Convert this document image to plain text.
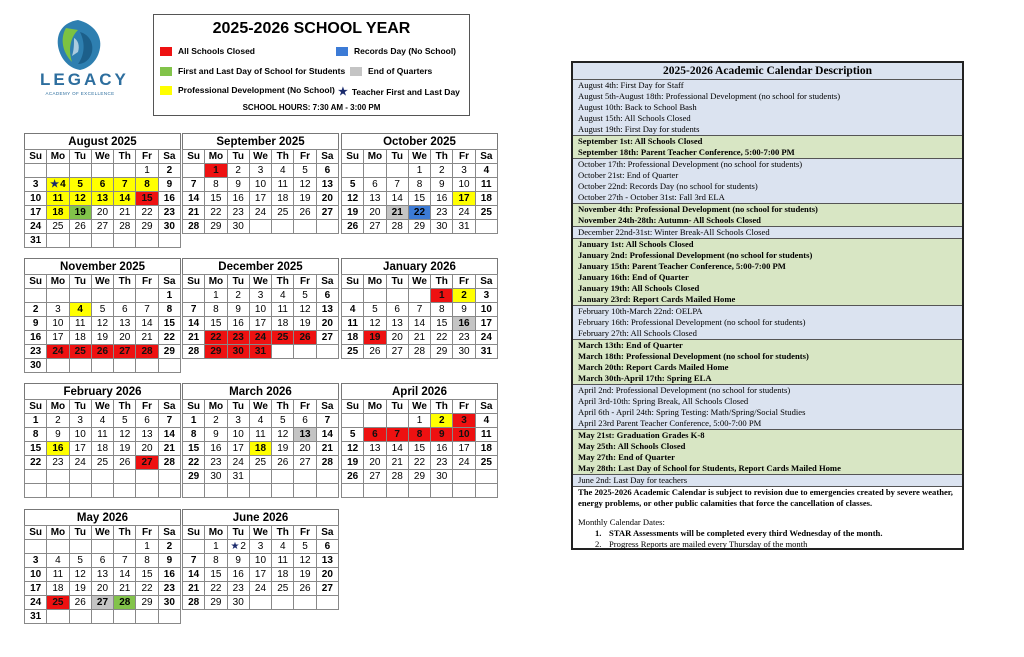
LEGACY
ACADEMY OF EXCELLENCE
2025-2026 SCHOOL YEAR
All Schools Closed	Records Day (No School)
First and Last Day of School for Students	End of Quarters
Professional Development (No School) ★ Teacher First and Last Day
SCHOOL HOURS: 7:30 AM - 3:00 PM
August 2025
Su	Mo	Tu	We	Th	Fr	Sa
					1	2
3	★4	5	6	7	8	9
10	11	12	13	14	15	16
17	18	19	20	21	22	23
24	25	26	27	28	29	30
31						
September 2025
Su	Mo	Tu	We	Th	Fr	Sa
	1	2	3	4	5	6
7	8	9	10	11	12	13
14	15	16	17	18	19	20
21	22	23	24	25	26	27
28	29	30				
October 2025
Su	Mo	Tu	We	Th	Fr	Sa
			1	2	3	4
5	6	7	8	9	10	11
12	13	14	15	16	17	18
19	20	21	22	23	24	25
26	27	28	29	30	31	
November 2025
Su	Mo	Tu	We	Th	Fr	Sa
						1
2	3	4	5	6	7	8
9	10	11	12	13	14	15
16	17	18	19	20	21	22
23	24	25	26	27	28	29
30						
December 2025
Su	Mo	Tu	We	Th	Fr	Sa
	1	2	3	4	5	6
7	8	9	10	11	12	13
14	15	16	17	18	19	20
21	22	23	24	25	26	27
28	29	30	31			
January 2026
Su	Mo	Tu	We	Th	Fr	Sa
				1	2	3
4	5	6	7	8	9	10
11	12	13	14	15	16	17
18	19	20	21	22	23	24
25	26	27	28	29	30	31
February 2026
Su	Mo	Tu	We	Th	Fr	Sa
1	2	3	4	5	6	7
8	9	10	11	12	13	14
15	16	17	18	19	20	21
22	23	24	25	26	27	28

March 2026
Su	Mo	Tu	We	Th	Fr	Sa
1	2	3	4	5	6	7
8	9	10	11	12	13	14
15	16	17	18	19	20	21
22	23	24	25	26	27	28
29	30	31				

April 2026
Su	Mo	Tu	We	Th	Fr	Sa
			1	2	3	4
5	6	7	8	9	10	11
12	13	14	15	16	17	18
19	20	21	22	23	24	25
26	27	28	29	30		

May 2026
Su	Mo	Tu	We	Th	Fr	Sa
					1	2
3	4	5	6	7	8	9
10	11	12	13	14	15	16
17	18	19	20	21	22	23
24	25	26	27	28	29	30
31						
June 2026
Su	Mo	Tu	We	Th	Fr	Sa
	1	★2	3	4	5	6
7	8	9	10	11	12	13
14	15	16	17	18	19	20
21	22	23	24	25	26	27
28	29	30				
2025-2026 Academic Calendar Description
August 4th: First Day for Staff
August 5th-August 18th: Professional Development (no school for students)
August 10th: Back to School Bash
August 15th: All Schools Closed
August 19th: First Day for students
September 1st: All Schools Closed
September 18th: Parent Teacher Conference, 5:00-7:00 PM
October 17th: Professional Development (no school for students)
October 21st: End of Quarter
October 22nd: Records Day (no school for students)
October 27th - October 31st: Fall 3rd ELA
November 4th: Professional Development (no school for students)
November 24th-28th: Autumn- All Schools Closed
December 22nd-31st: Winter Break-All Schools Closed
January 1st: All Schools Closed
January 2nd: Professional Development (no school for students)
January 15th: Parent Teacher Conference, 5:00-7:00 PM
January 16th: End of Quarter
January 19th: All Schools Closed
January 23rd: Report Cards Mailed Home
February 10th-March 22nd: OELPA
February 16th: Professional Development (no school for students)
February 27th: All Schools Closed
March 13th: End of Quarter
March 18th: Professional Development (no school for students)
March 20th: Report Cards Mailed Home
March 30th-April 17th: Spring ELA
April 2nd: Professional Development (no school for students)
April 3rd-10th: Spring Break, All Schools Closed
April 6th - April 24th: Spring Testing: Math/Spring/Social Studies
April 23rd Parent Teacher Conference, 5:00-7:00 PM
May 21st: Graduation Grades K-8
May 25th: All Schools Closed
May 27th: End of Quarter
May 28th: Last Day of School for Students, Report Cards Mailed Home
June 2nd: Last Day for teachers
The 2025-2026 Academic Calendar is subject to revision due to emergencies created by severe weather, energy problems, or other public calamities that force the cancellation of classes.
Monthly Calendar Dates:
1. STAR Assessments will be completed every third Wednesday of the month.
2. Progress Reports are mailed every Thursday of the month
